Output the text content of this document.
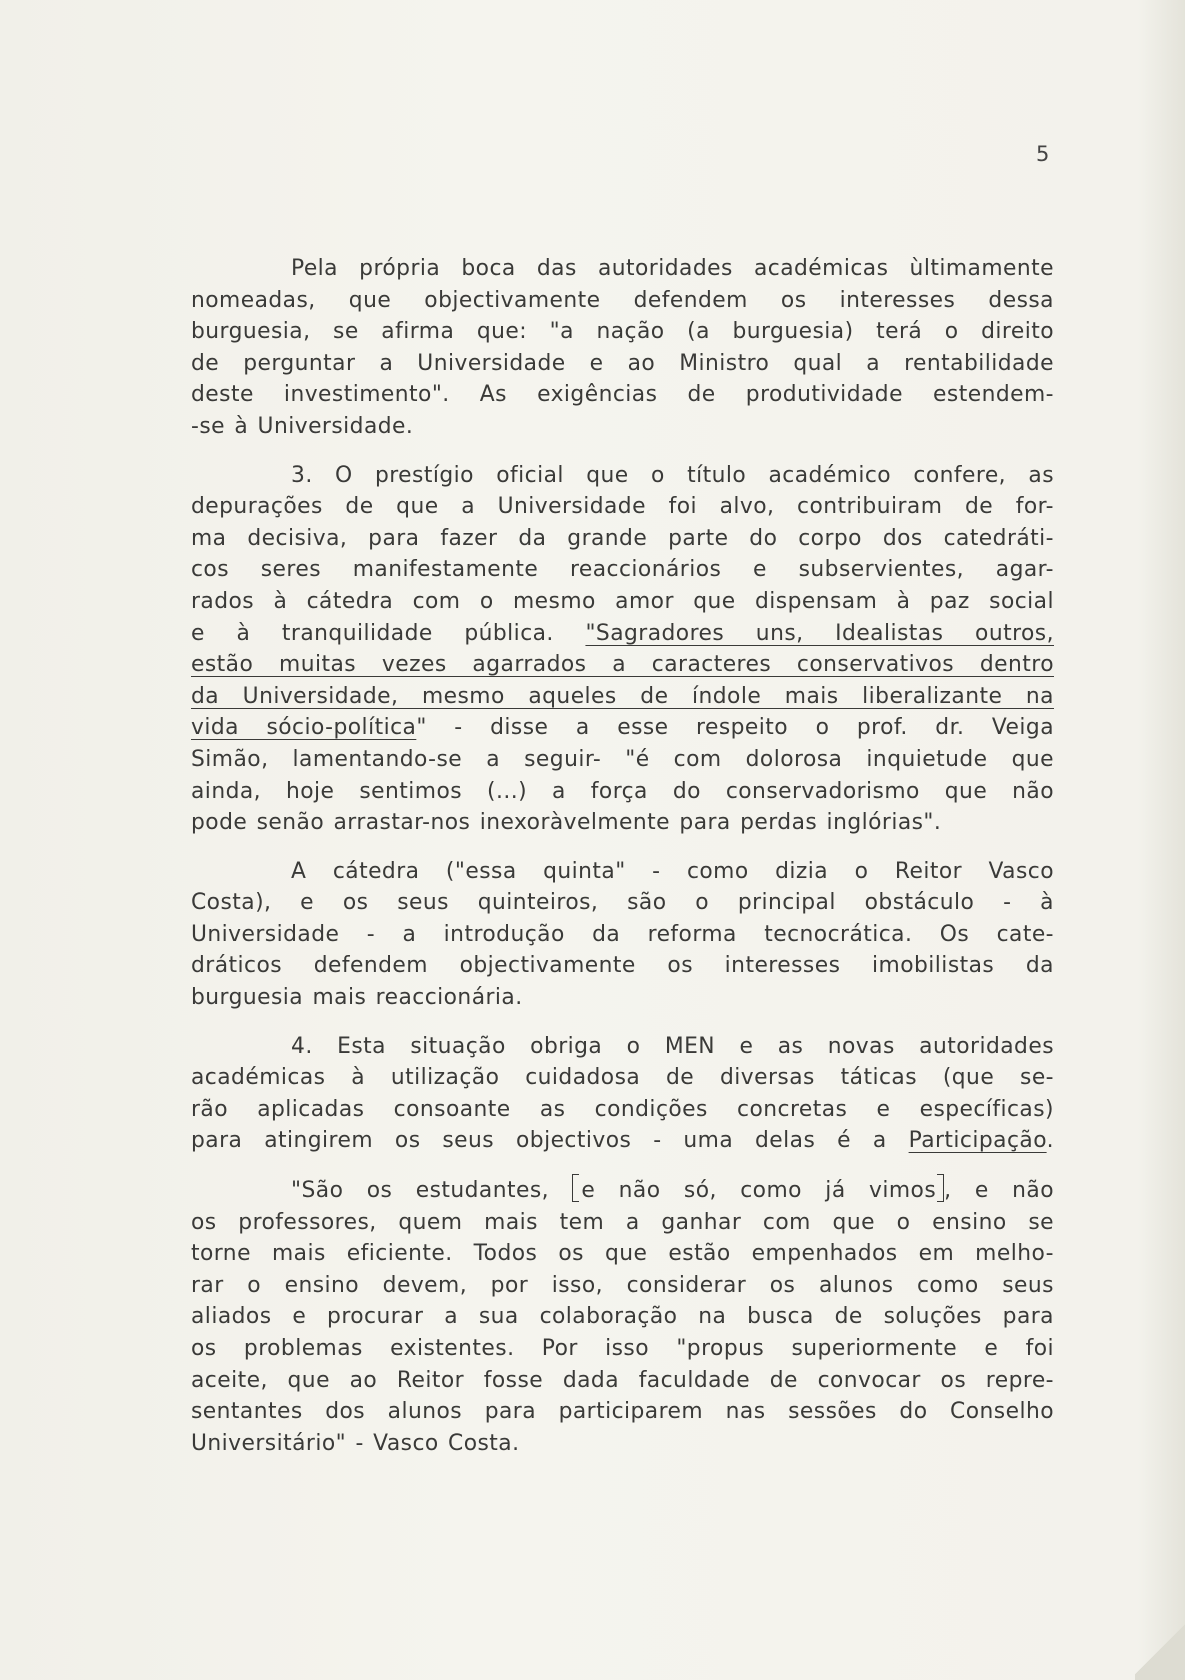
5
Pela própria boca das autoridades académicas ùltimamente
nomeadas, que objectivamente defendem os interesses dessa
burguesia, se afirma que: "a nação (a burguesia) terá o direito
de perguntar a Universidade e ao Ministro qual a rentabilidade
deste investimento". As exigências de produtividade estendem-
-se à Universidade.
3. O prestígio oficial que o título académico confere, as
depurações de que a Universidade foi alvo, contribuiram de for-
ma decisiva, para fazer da grande parte do corpo dos catedráti-
cos seres manifestamente reaccionários e subservientes, agar-
rados à cátedra com o mesmo amor que dispensam à paz social
e à tranquilidade pública. "Sagradores uns, Idealistas outros,
estão muitas vezes agarrados a caracteres conservativos dentro
da Universidade, mesmo aqueles de índole mais liberalizante na
vida sócio-política" - disse a esse respeito o prof. dr. Veiga
Simão, lamentando-se a seguir- "é com dolorosa inquietude que
ainda, hoje sentimos (...) a força do conservadorismo que não
pode senão arrastar-nos inexoràvelmente para perdas inglórias".
A cátedra ("essa quinta" - como dizia o Reitor Vasco
Costa), e os seus quinteiros, são o principal obstáculo - à
Universidade - a introdução da reforma tecnocrática. Os cate-
dráticos defendem objectivamente os interesses imobilistas da
burguesia mais reaccionária.
4. Esta situação obriga o MEN e as novas autoridades
académicas à utilização cuidadosa de diversas táticas (que se-
rão aplicadas consoante as condições concretas e específicas)
para atingirem os seus objectivos - uma delas é a Participação.
"São os estudantes, e não só, como já vimos , e não
os professores, quem mais tem a ganhar com que o ensino se
torne mais eficiente. Todos os que estão empenhados em melho-
rar o ensino devem, por isso, considerar os alunos como seus
aliados e procurar a sua colaboração na busca de soluções para
os problemas existentes. Por isso "propus superiormente e foi
aceite, que ao Reitor fosse dada faculdade de convocar os repre-
sentantes dos alunos para participarem nas sessões do Conselho
Universitário" - Vasco Costa.
